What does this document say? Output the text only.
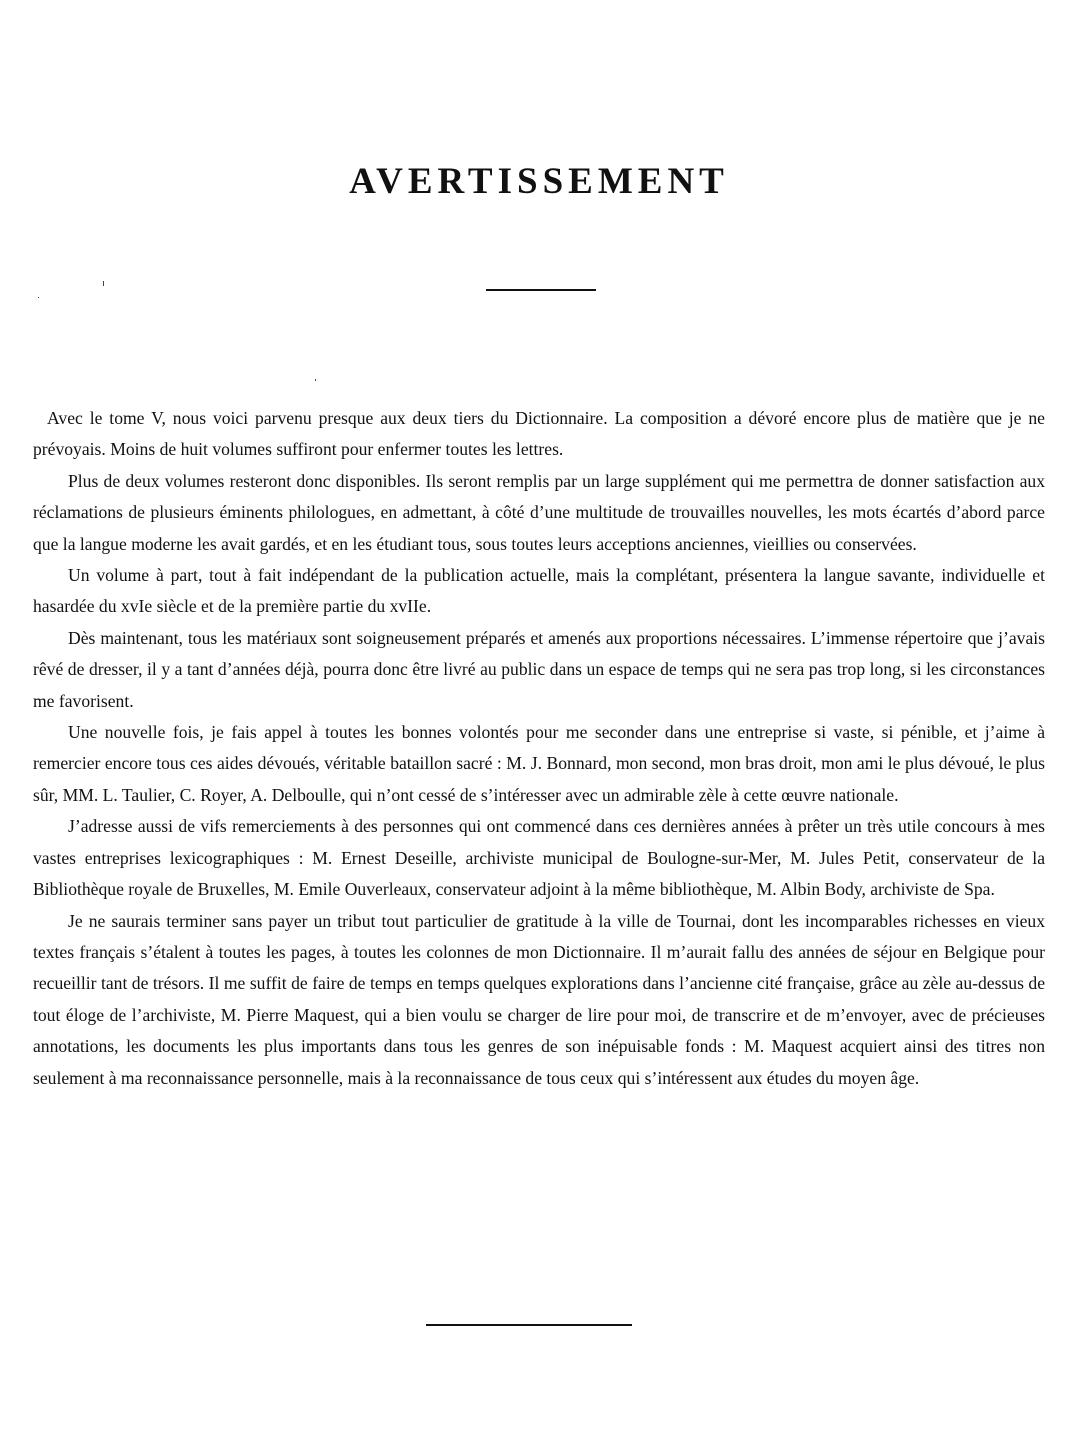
AVERTISSEMENT

Avec le tome V, nous voici parvenu presque aux deux tiers du Dictionnaire. La composition a dévoré encore plus de matière que je ne prévoyais. Moins de huit volumes suffiront pour enfermer toutes les lettres.

Plus de deux volumes resteront donc disponibles. Ils seront remplis par un large supplément qui me permettra de donner satisfaction aux réclamations de plusieurs éminents philologues, en admettant, à côté d’une multitude de trouvailles nouvelles, les mots écartés d’abord parce que la langue moderne les avait gardés, et en les étudiant tous, sous toutes leurs acceptions anciennes, vieillies ou conservées.

Un volume à part, tout à fait indépendant de la publication actuelle, mais la complétant, présentera la langue savante, individuelle et hasardée du xvIe siècle et de la première partie du xvIIe.

Dès maintenant, tous les matériaux sont soigneusement préparés et amenés aux proportions nécessaires. L’immense répertoire que j’avais rêvé de dresser, il y a tant d’années déjà, pourra donc être livré au public dans un espace de temps qui ne sera pas trop long, si les circonstances me favorisent.

Une nouvelle fois, je fais appel à toutes les bonnes volontés pour me seconder dans une entreprise si vaste, si pénible, et j’aime à remercier encore tous ces aides dévoués, véritable bataillon sacré : M. J. Bonnard, mon second, mon bras droit, mon ami le plus dévoué, le plus sûr, MM. L. Taulier, C. Royer, A. Delboulle, qui n’ont cessé de s’intéresser avec un admirable zèle à cette œuvre nationale.

J’adresse aussi de vifs remerciements à des personnes qui ont commencé dans ces dernières années à prêter un très utile concours à mes vastes entreprises lexicographiques : M. Ernest Deseille, archiviste municipal de Boulogne-sur-Mer, M. Jules Petit, conservateur de la Bibliothèque royale de Bruxelles, M. Emile Ouverleaux, conservateur adjoint à la même bibliothèque, M. Albin Body, archiviste de Spa.

Je ne saurais terminer sans payer un tribut tout particulier de gratitude à la ville de Tournai, dont les incomparables richesses en vieux textes français s’étalent à toutes les pages, à toutes les colonnes de mon Dictionnaire. Il m’aurait fallu des années de séjour en Belgique pour recueillir tant de trésors. Il me suffit de faire de temps en temps quelques explorations dans l’ancienne cité française, grâce au zèle au-dessus de tout éloge de l’archiviste, M. Pierre Maquest, qui a bien voulu se charger de lire pour moi, de transcrire et de m’envoyer, avec de précieuses annotations, les documents les plus importants dans tous les genres de son inépuisable fonds : M. Maquest acquiert ainsi des titres non seulement à ma reconnaissance personnelle, mais à la reconnaissance de tous ceux qui s’intéressent aux études du moyen âge.
